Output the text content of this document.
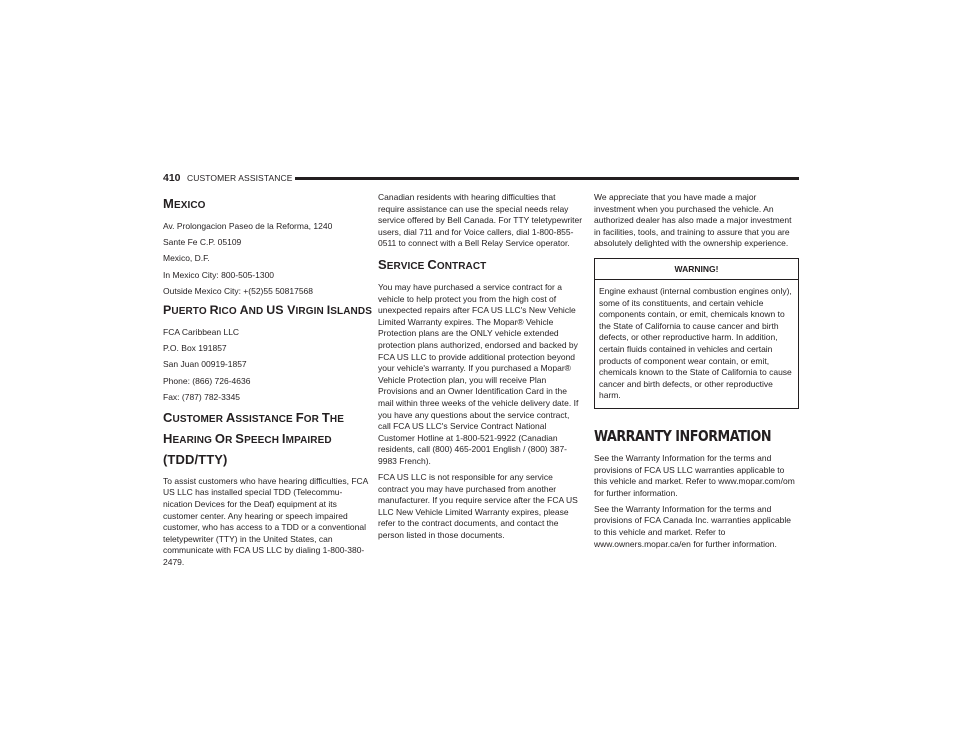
410 CUSTOMER ASSISTANCE
MEXICO

Av. Prolongacion Paseo de la Reforma, 1240

Sante Fe C.P. 05109

Mexico, D.F.

In Mexico City: 800-505-1300

Outside Mexico City: +(52)55 50817568

PUERTO RICO AND US VIRGIN ISLANDS

FCA Caribbean LLC

P.O. Box 191857

San Juan 00919-1857

Phone: (866) 726-4636

Fax: (787) 782-3345

CUSTOMER ASSISTANCE FOR THE
HEARING OR SPEECH IMPAIRED
(TDD/TTY)

To assist customers who have hearing difficulties, FCA US LLC has installed special TDD (Telecommu-nication Devices for the Deaf) equipment at its customer center. Any hearing or speech impaired customer, who has access to a TDD or a conventional teletypewriter (TTY) in the United States, can communicate with FCA US LLC by dialing 1-800-380-2479.

Canadian residents with hearing difficulties that require assistance can use the special needs relay service offered by Bell Canada. For TTY teletypewriter users, dial 711 and for Voice callers, dial 1-800-855-0511 to connect with a Bell Relay Service operator.

SERVICE CONTRACT

You may have purchased a service contract for a vehicle to help protect you from the high cost of unexpected repairs after FCA US LLC's New Vehicle Limited Warranty expires. The Mopar® Vehicle Protection plans are the ONLY vehicle extended protection plans authorized, endorsed and backed by FCA US LLC to provide additional protection beyond your vehicle's warranty. If you purchased a Mopar® Vehicle Protection plan, you will receive Plan Provisions and an Owner Identification Card in the mail within three weeks of the vehicle delivery date. If you have any questions about the service contract, call FCA US LLC's Service Contract National Customer Hotline at 1-800-521-9922 (Canadian residents, call (800) 465-2001 English / (800) 387-9983 French).

FCA US LLC is not responsible for any service contract you may have purchased from another manufacturer. If you require service after the FCA US LLC New Vehicle Limited Warranty expires, please refer to the contract documents, and contact the person listed in those documents.

We appreciate that you have made a major investment when you purchased the vehicle. An authorized dealer has also made a major investment in facilities, tools, and training to assure that you are absolutely delighted with the ownership experience.

WARNING!
Engine exhaust (internal combustion engines only), some of its constituents, and certain vehicle components contain, or emit, chemicals known to the State of California to cause cancer and birth defects, or other reproductive harm. In addition, certain fluids contained in vehicles and certain products of component wear contain, or emit, chemicals known to the State of California to cause cancer and birth defects, or other reproductive harm.
WARRANTY INFORMATION

See the Warranty Information for the terms and provisions of FCA US LLC warranties applicable to this vehicle and market. Refer to www.mopar.com/om for further information.

See the Warranty Information for the terms and provisions of FCA Canada Inc. warranties applicable to this vehicle and market. Refer to www.owners.mopar.ca/en for further information.
